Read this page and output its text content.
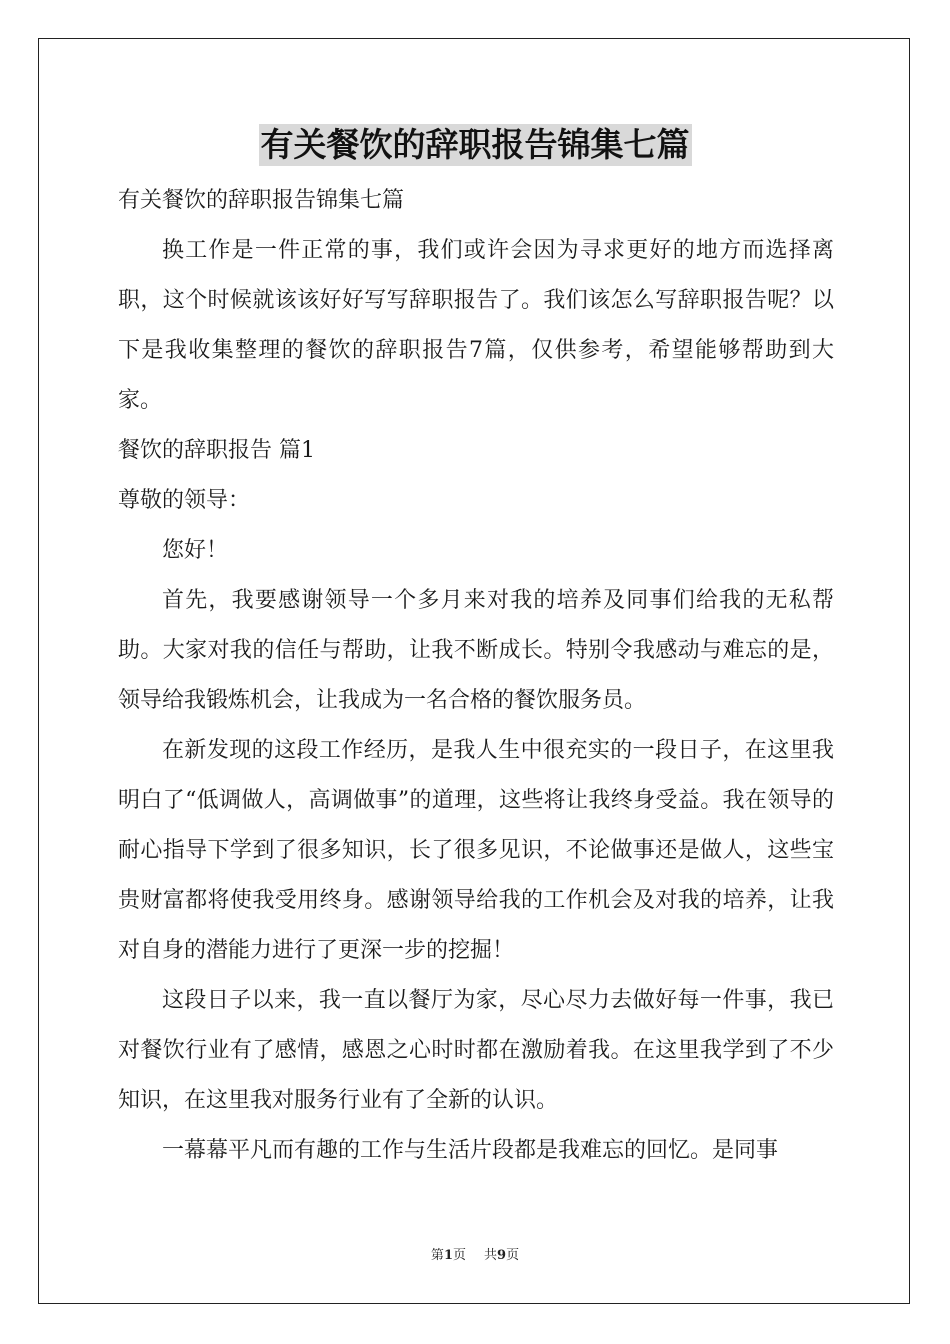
有关餐饮的辞职报告锦集七篇

有关餐饮的辞职报告锦集七篇

换工作是一件正常的事，我们或许会因为寻求更好的地方而选择离职，这个时候就该该好好写写辞职报告了。我们该怎么写辞职报告呢？以下是我收集整理的餐饮的辞职报告7篇，仅供参考，希望能够帮助到大家。

餐饮的辞职报告 篇1

尊敬的领导：

您好！

首先，我要感谢领导一个多月来对我的培养及同事们给我的无私帮助。大家对我的信任与帮助，让我不断成长。特别令我感动与难忘的是，领导给我锻炼机会，让我成为一名合格的餐饮服务员。

在新发现的这段工作经历，是我人生中很充实的一段日子，在这里我明白了“低调做人，高调做事”的道理，这些将让我终身受益。我在领导的耐心指导下学到了很多知识，长了很多见识，不论做事还是做人，这些宝贵财富都将使我受用终身。感谢领导给我的工作机会及对我的培养，让我对自身的潜能力进行了更深一步的挖掘！

这段日子以来，我一直以餐厅为家，尽心尽力去做好每一件事，我已对餐饮行业有了感情，感恩之心时时都在激励着我。在这里我学到了不少知识，在这里我对服务行业有了全新的认识。

一幕幕平凡而有趣的工作与生活片段都是我难忘的回忆。是同事

第1页 共9页
